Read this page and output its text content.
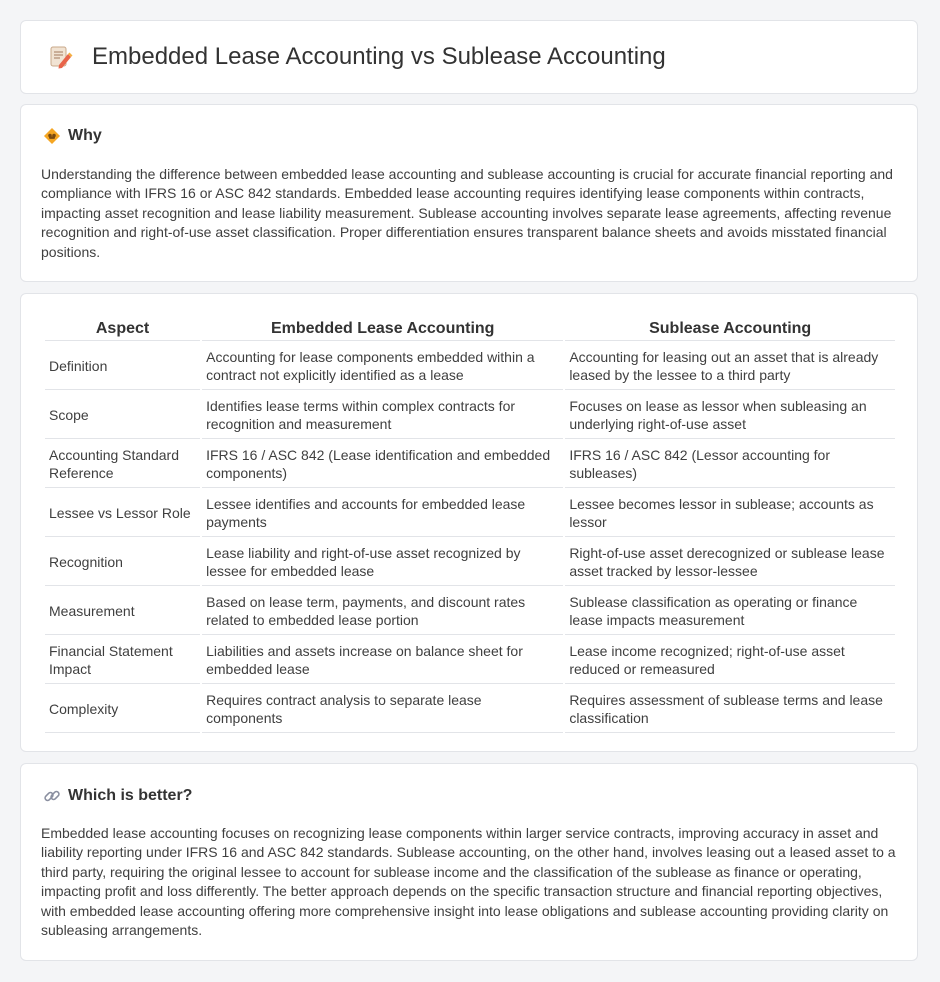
Embedded Lease Accounting vs Sublease Accounting
Why

Understanding the difference between embedded lease accounting and sublease accounting is crucial for accurate financial reporting and compliance with IFRS 16 or ASC 842 standards. Embedded lease accounting requires identifying lease components within contracts, impacting asset recognition and lease liability measurement. Sublease accounting involves separate lease agreements, affecting revenue recognition and right-of-use asset classification. Proper differentiation ensures transparent balance sheets and avoids misstated financial positions.

Aspect	Embedded Lease Accounting	Sublease Accounting
Definition	Accounting for lease components embedded within a contract not explicitly identified as a lease	Accounting for leasing out an asset that is already leased by the lessee to a third party
Scope	Identifies lease terms within complex contracts for recognition and measurement	Focuses on lease as lessor when subleasing an underlying right-of-use asset
Accounting Standard Reference	IFRS 16 / ASC 842 (Lease identification and embedded components)	IFRS 16 / ASC 842 (Lessor accounting for subleases)
Lessee vs Lessor Role	Lessee identifies and accounts for embedded lease payments	Lessee becomes lessor in sublease; accounts as lessor
Recognition	Lease liability and right-of-use asset recognized by lessee for embedded lease	Right-of-use asset derecognized or sublease lease asset tracked by lessor-lessee
Measurement	Based on lease term, payments, and discount rates related to embedded lease portion	Sublease classification as operating or finance lease impacts measurement
Financial Statement Impact	Liabilities and assets increase on balance sheet for embedded lease	Lease income recognized; right-of-use asset reduced or remeasured
Complexity	Requires contract analysis to separate lease components	Requires assessment of sublease terms and lease classification
Which is better?

Embedded lease accounting focuses on recognizing lease components within larger service contracts, improving accuracy in asset and liability reporting under IFRS 16 and ASC 842 standards. Sublease accounting, on the other hand, involves leasing out a leased asset to a third party, requiring the original lessee to account for sublease income and the classification of the sublease as finance or operating, impacting profit and loss differently. The better approach depends on the specific transaction structure and financial reporting objectives, with embedded lease accounting offering more comprehensive insight into lease obligations and sublease accounting providing clarity on subleasing arrangements.
